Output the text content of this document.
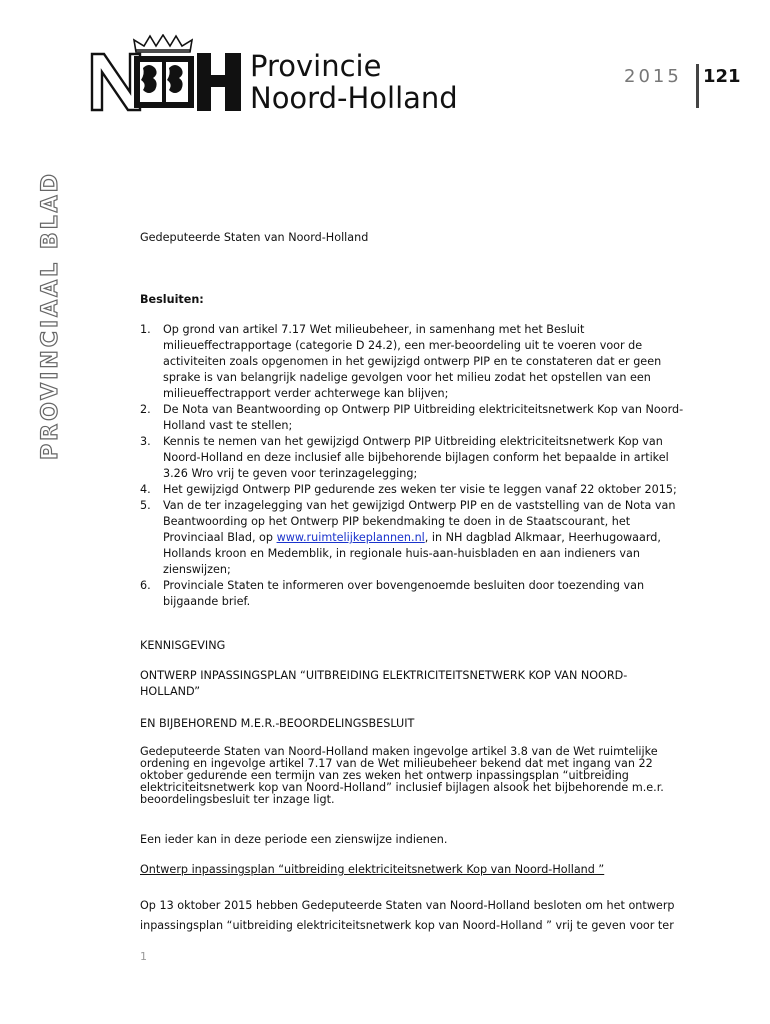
Provincie
Noord-Holland
2015 121
PROVINCIAAL BLAD	Gedeputeerde Staten van Noord-Holland
Besluiten:
1. Op grond van artikel 7.17 Wet milieubeheer, in samenhang met het Besluit
milieueffectrapportage (categorie D 24.2), een mer-beoordeling uit te voeren voor de
activiteiten zoals opgenomen in het gewijzigd ontwerp PIP en te constateren dat er geen
sprake is van belangrijk nadelige gevolgen voor het milieu zodat het opstellen van een
milieueffectrapport verder achterwege kan blijven;
2. De Nota van Beantwoording op Ontwerp PIP Uitbreiding elektriciteitsnetwerk Kop van Noord-
Holland vast te stellen;
3. Kennis te nemen van het gewijzigd Ontwerp PIP Uitbreiding elektriciteitsnetwerk Kop van
Noord-Holland en deze inclusief alle bijbehorende bijlagen conform het bepaalde in artikel
3.26 Wro vrij te geven voor terinzagelegging;
4. Het gewijzigd Ontwerp PIP gedurende zes weken ter visie te leggen vanaf 22 oktober 2015;
5. Van de ter inzagelegging van het gewijzigd Ontwerp PIP en de vaststelling van de Nota van
Beantwoording op het Ontwerp PIP bekendmaking te doen in de Staatscourant, het
Provinciaal Blad, op www.ruimtelijkeplannen.nl, in NH dagblad Alkmaar, Heerhugowaard,
Hollands kroon en Medemblik, in regionale huis-aan-huisbladen en aan indieners van
zienswijzen;
6. Provinciale Staten te informeren over bovengenoemde besluiten door toezending van
bijgaande brief.
KENNISGEVING
ONTWERP INPASSINGSPLAN “UITBREIDING ELEKTRICITEITSNETWERK KOP VAN NOORD-
HOLLAND”
EN BIJBEHOREND M.E.R.-BEOORDELINGSBESLUIT
Gedeputeerde Staten van Noord-Holland maken ingevolge artikel 3.8 van de Wet ruimtelijke
ordening en ingevolge artikel 7.17 van de Wet milieubeheer bekend dat met ingang van 22
oktober gedurende een termijn van zes weken het ontwerp inpassingsplan “uitbreiding
elektriciteitsnetwerk kop van Noord-Holland” inclusief bijlagen alsook het bijbehorende m.e.r.
beoordelingsbesluit ter inzage ligt.
Een ieder kan in deze periode een zienswijze indienen.
Ontwerp inpassingsplan “uitbreiding elektriciteitsnetwerk Kop van Noord-Holland ”
Op 13 oktober 2015 hebben Gedeputeerde Staten van Noord-Holland besloten om het ontwerp
inpassingsplan “uitbreiding elektriciteitsnetwerk kop van Noord-Holland ” vrij te geven voor ter
1
